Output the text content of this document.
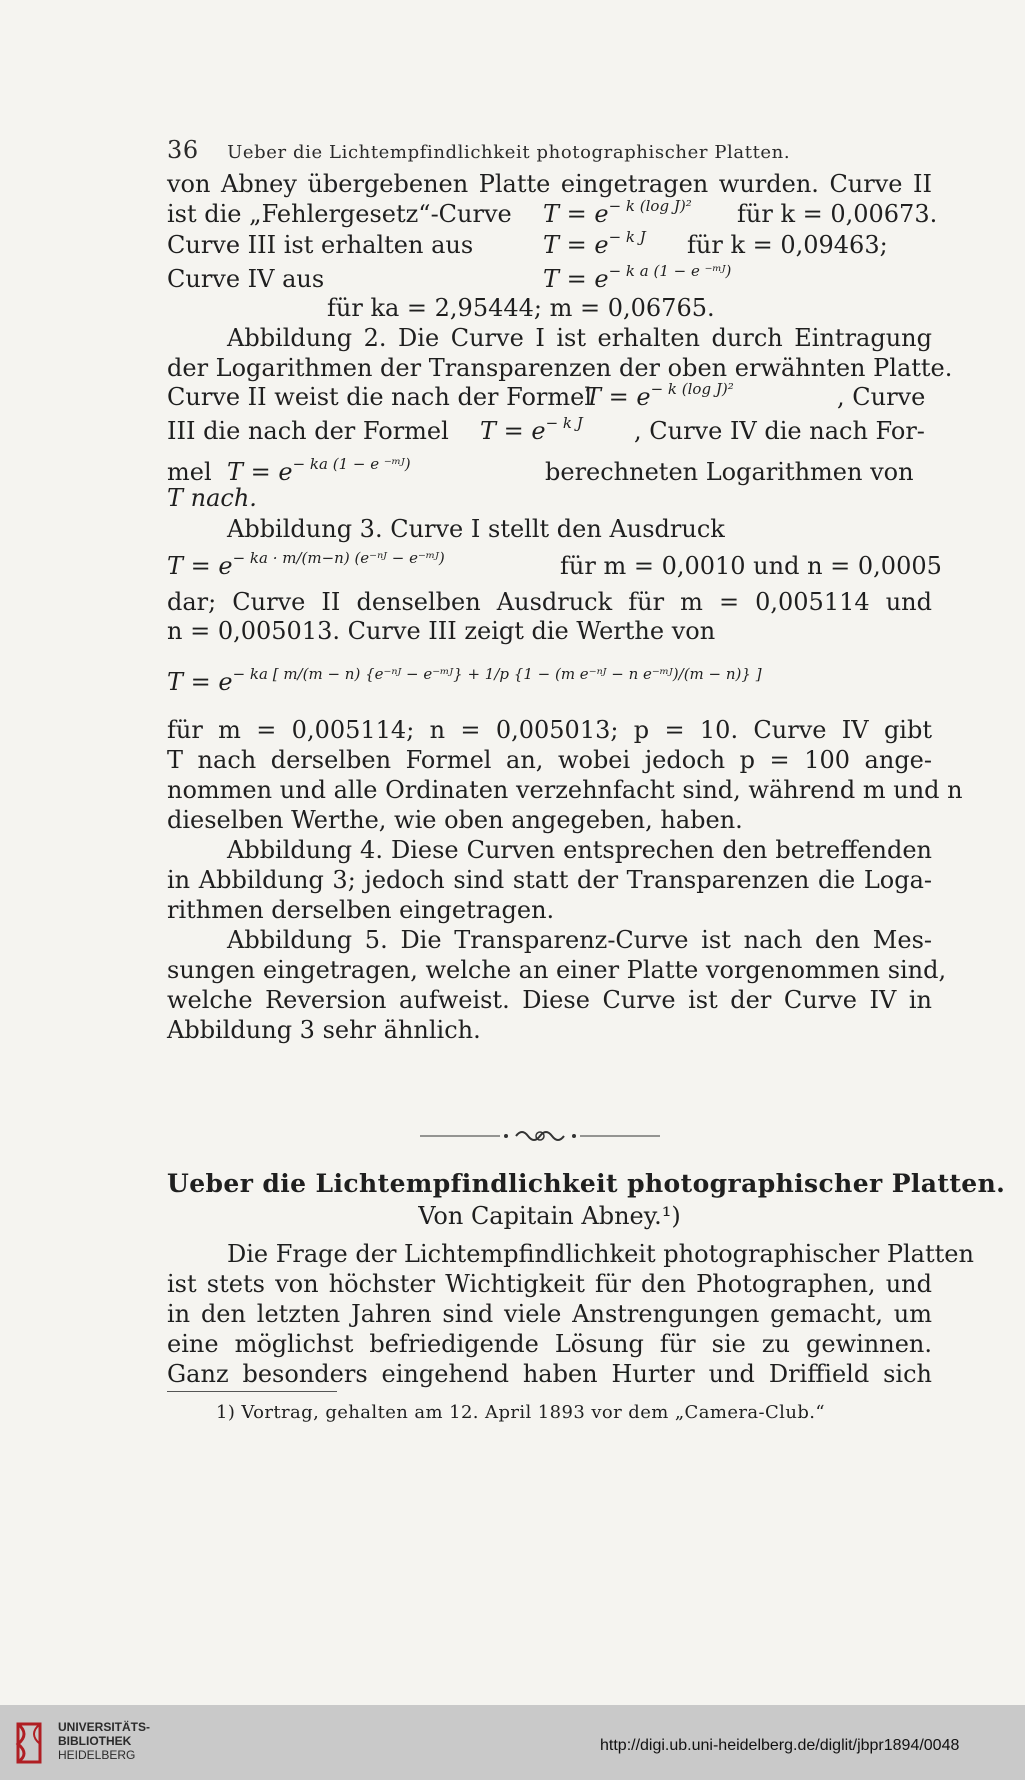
36 Ueber die Lichtempfindlichkeit photographischer Platten.
von Abney übergebenen Platte eingetragen wurden. Curve II
ist die „Fehlergesetz“-Curve $T = e^{- k (log J)^2}$ für k = 0,00673.
Curve III ist erhalten aus	$T = e^{- k J}$ für k = 0,09463;
Curve IV aus	$T = e^{- k a (1 - e ^-ᵐᴶ)}$
für ka = 2,95444; m = 0,06765.
Abbildung 2. Die Curve I ist erhalten durch Eintragung
der Logarithmen der Transparenzen der oben erwähnten Platte.
Curve II weist die nach der Formel
$T = e^{- k (log J)^2}$	, Curve
III die nach der Formel $T = e^{- k J}$ , Curve IV die nach For-
mel $T = e^{- ka (1 - e ^-ᵐᴶ)}$	berechneten Logarithmen von
T nach.
Abbildung 3. Curve I stellt den Ausdruck
$T = e^{- ka \cdot m/(m-n) (e^{-n}ᴶ - e^-ᵐᴶ)}$	für m = 0,0010 und n = 0,0005
dar; Curve II denselben Ausdruck für m = 0,005114 und
n = 0,005013. Curve III zeigt die Werthe von
$T = e^{- ka [ m/(m - n) \{e^{-n}ᴶ - e^-ᵐᴶ\} + 1/p \{1 - (m e^{-n}ᴶ - n e^-ᵐᴶ)/(m - n)\} ]}$
für m = 0,005114; n = 0,005013; p = 10. Curve IV gibt
T nach derselben Formel an, wobei jedoch p = 100 ange-
nommen und alle Ordinaten verzehnfacht sind, während m und n
dieselben Werthe, wie oben angegeben, haben.
Abbildung 4. Diese Curven entsprechen den betreffenden
in Abbildung 3; jedoch sind statt der Transparenzen die Loga-
rithmen derselben eingetragen.
Abbildung 5. Die Transparenz-Curve ist nach den Mes-
sungen eingetragen, welche an einer Platte vorgenommen sind,
welche Reversion aufweist. Diese Curve ist der Curve IV in
Abbildung 3 sehr ähnlich.
Ueber die Lichtempfindlichkeit photographischer Platten.
Von Capitain Abney.¹)
Die Frage der Lichtempfindlichkeit photographischer Platten
ist stets von höchster Wichtigkeit für den Photographen, und
in den letzten Jahren sind viele Anstrengungen gemacht, um
eine möglichst befriedigende Lösung für sie zu gewinnen.
Ganz besonders eingehend haben Hurter und Driffield sich
1) Vortrag, gehalten am 12. April 1893 vor dem „Camera-Club.“
UNIVERSITÄTS-
BIBLIOTHEK
HEIDELBERG
http://digi.ub.uni-heidelberg.de/diglit/jbpr1894/0048
